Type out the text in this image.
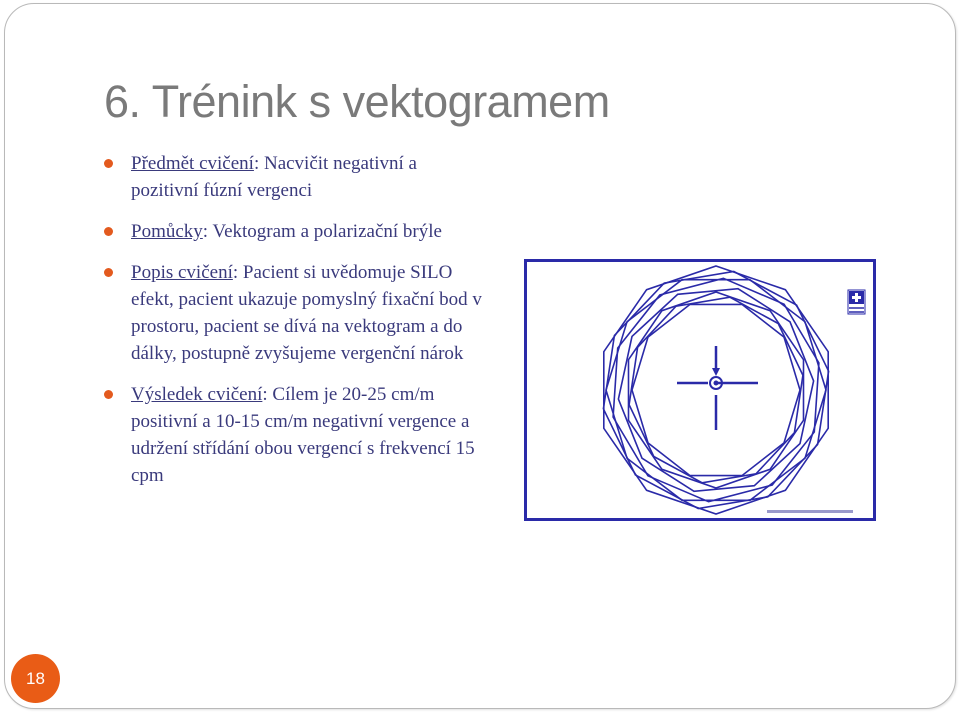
6. Trénink s vektogramem
Předmět cvičení: Nacvičit negativní a pozitivní fúzní vergenci
Pomůcky: Vektogram a polarizační brýle
Popis cvičení: Pacient si uvědomuje SILO efekt, pacient ukazuje pomyslný fixační bod v prostoru, pacient se dívá na vektogram a do dálky, postupně zvyšujeme vergenční nárok
Výsledek cvičení: Cílem je 20-25 cm/m positivní a 10-15 cm/m negativní vergence a udržení střídání obou vergencí s frekvencí 15 cpm
18
